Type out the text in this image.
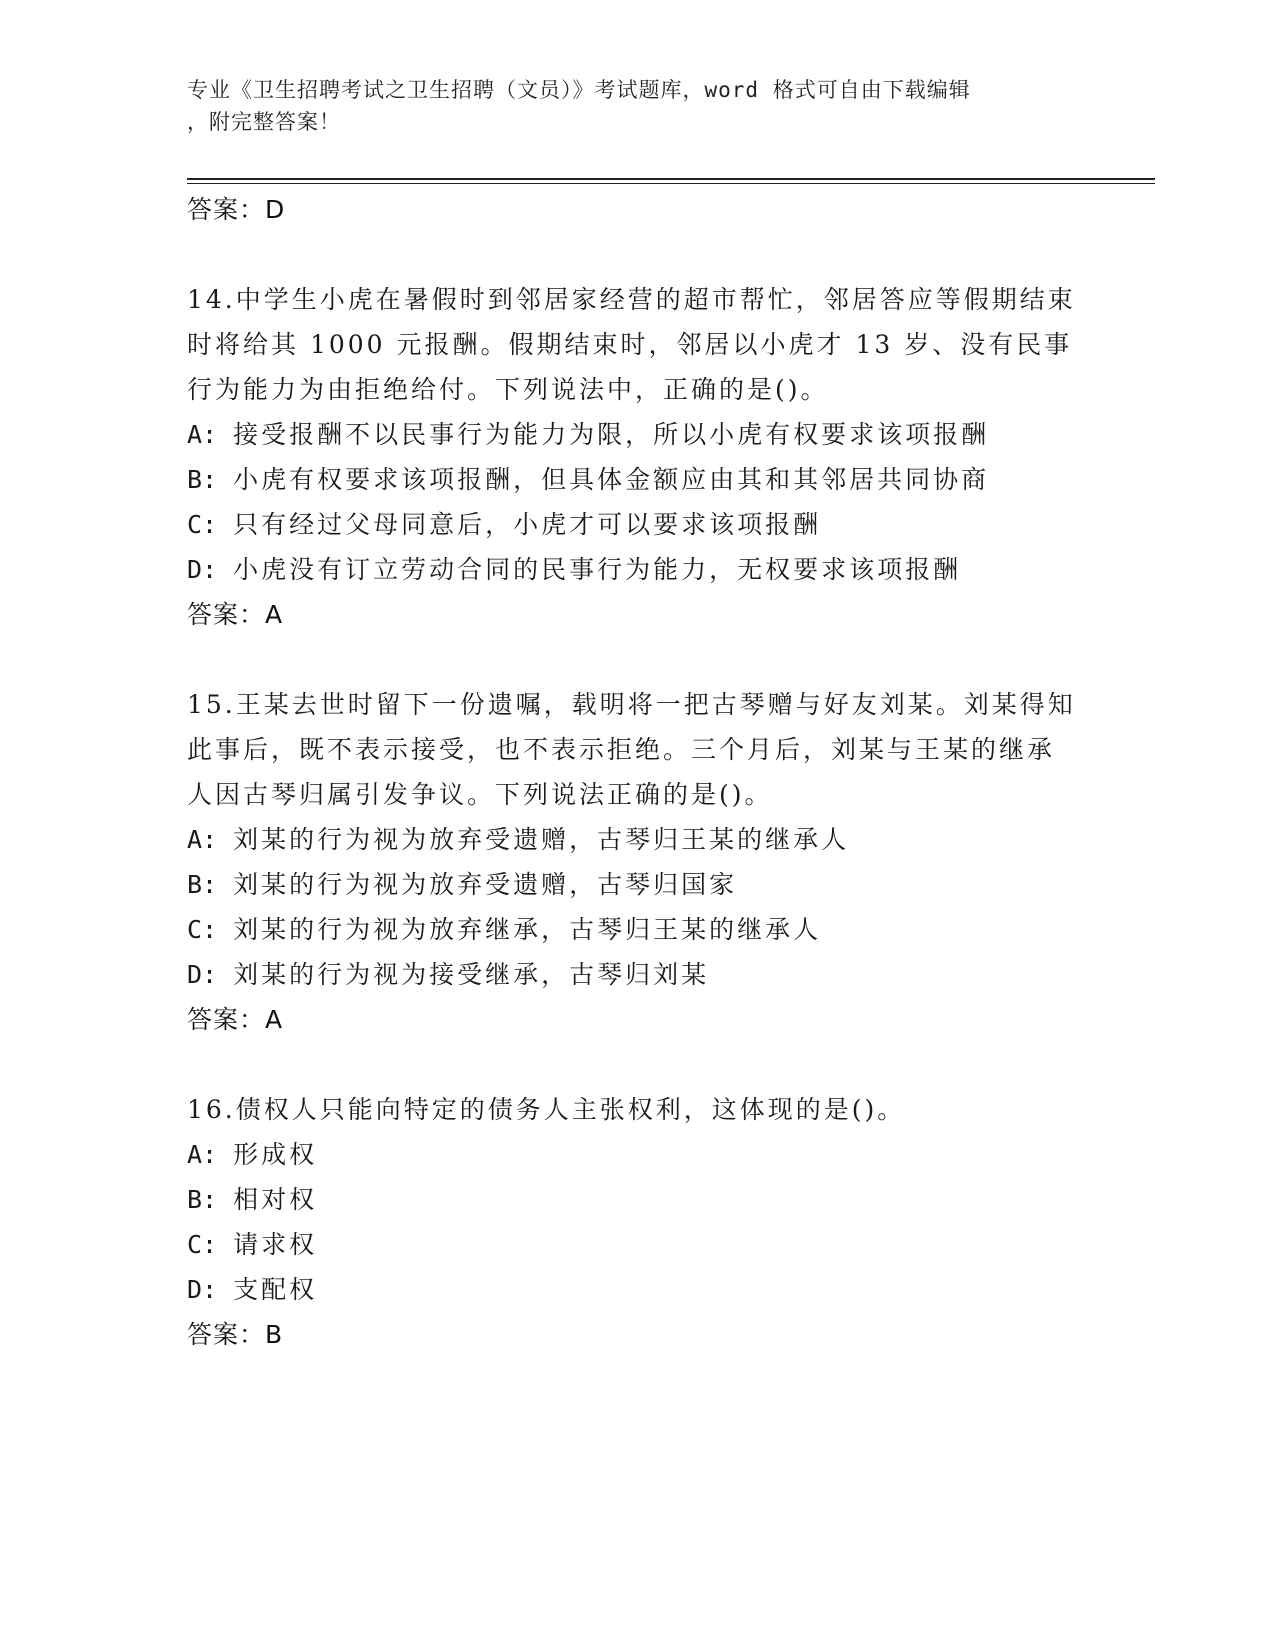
专业《卫生招聘考试之卫生招聘（文员）》考试题库，word 格式可自由下载编辑
，附完整答案！

答案：D

14.中学生小虎在暑假时到邻居家经营的超市帮忙，邻居答应等假期结束时将给其 1000 元报酬。假期结束时，邻居以小虎才 13 岁、没有民事行为能力为由拒绝给付。下列说法中，正确的是()。

A: 接受报酬不以民事行为能力为限，所以小虎有权要求该项报酬

B: 小虎有权要求该项报酬，但具体金额应由其和其邻居共同协商

C: 只有经过父母同意后，小虎才可以要求该项报酬

D: 小虎没有订立劳动合同的民事行为能力，无权要求该项报酬

答案：A

15.王某去世时留下一份遗嘱，载明将一把古琴赠与好友刘某。刘某得知此事后，既不表示接受，也不表示拒绝。三个月后，刘某与王某的继承人因古琴归属引发争议。下列说法正确的是()。

A: 刘某的行为视为放弃受遗赠，古琴归王某的继承人

B: 刘某的行为视为放弃受遗赠，古琴归国家

C: 刘某的行为视为放弃继承，古琴归王某的继承人

D: 刘某的行为视为接受继承，古琴归刘某

答案：A

16.债权人只能向特定的债务人主张权利，这体现的是()。

A: 形成权

B: 相对权

C: 请求权

D: 支配权

答案：B
